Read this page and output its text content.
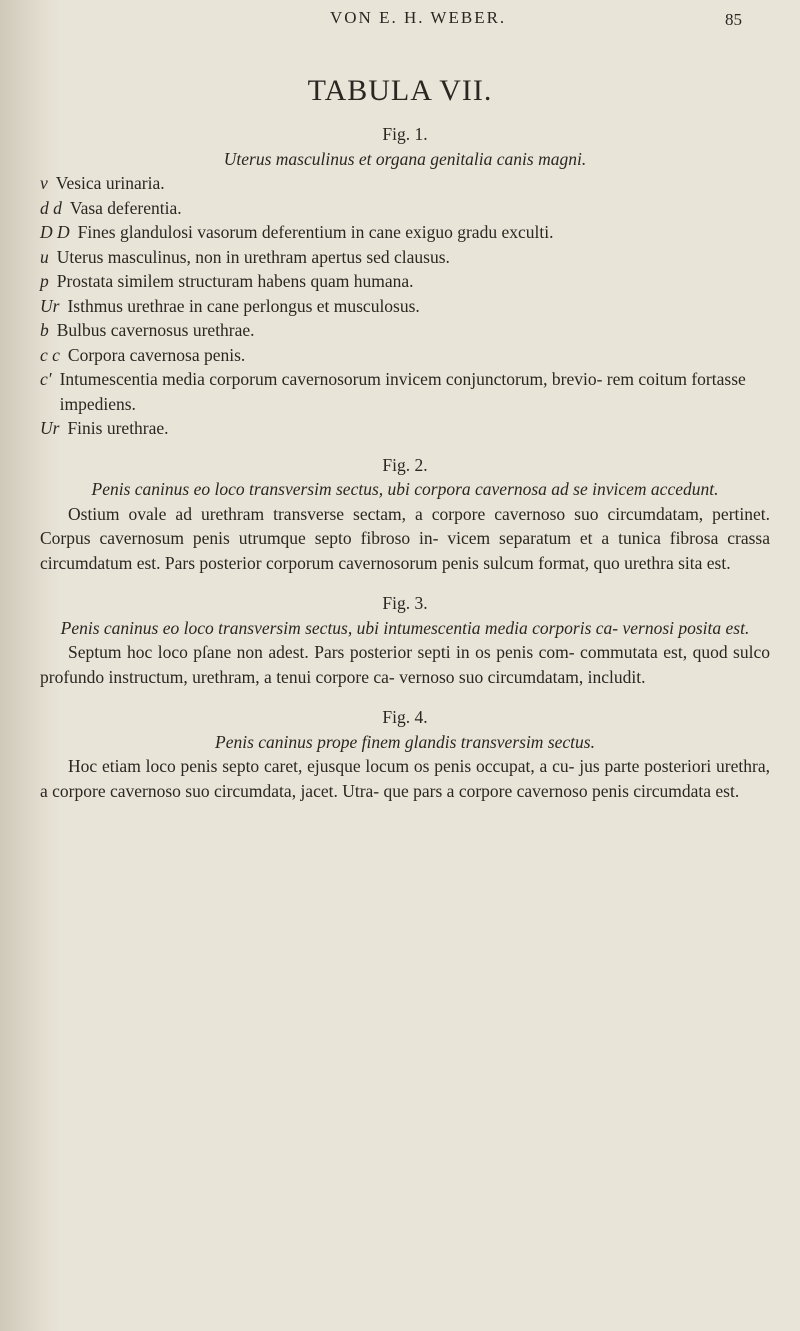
VON E. H. WEBER.	85
TABULA VII.

Fig. 1.

Uterus masculinus et organa genitalia canis magni.

v Vesica urinaria.
d d Vasa deferentia.
D D Fines glandulosi vasorum deferentium in cane exiguo gradu exculti.
u Uterus masculinus, non in urethram apertus sed clausus.
p Prostata similem structuram habens quam humana.
Ur Isthmus urethrae in cane perlongus et musculosus.
b Bulbus cavernosus urethrae.
c c Corpora cavernosa penis.
c′ Intumescentia media corporum cavernosorum invicem conjunctorum, brevio- rem coitum fortasse impediens.
Ur Finis urethrae.

Fig. 2.

Penis caninus eo loco transversim sectus, ubi corpora cavernosa ad se invicem accedunt.

Ostium ovale ad urethram transverse sectam, a corpore cavernoso suo circumdatam, pertinet. Corpus cavernosum penis utrumque septo fibroso in- vicem separatum et a tunica fibrosa crassa circumdatum est. Pars posterior corporum cavernosorum penis sulcum format, quo urethra sita est.

Fig. 3.

Penis caninus eo loco transversim sectus, ubi intumescentia media corporis ca- vernosi posita est.

Septum hoc loco pſane non adest. Pars posterior septi in os penis com- commutata est, quod sulco profundo instructum, urethram, a tenui corpore ca- vernoso suo circumdatam, includit.

Fig. 4.

Penis caninus prope finem glandis transversim sectus.

Hoc etiam loco penis septo caret, ejusque locum os penis occupat, a cu- jus parte posteriori urethra, a corpore cavernoso suo circumdata, jacet. Utra- que pars a corpore cavernoso penis circumdata est.
